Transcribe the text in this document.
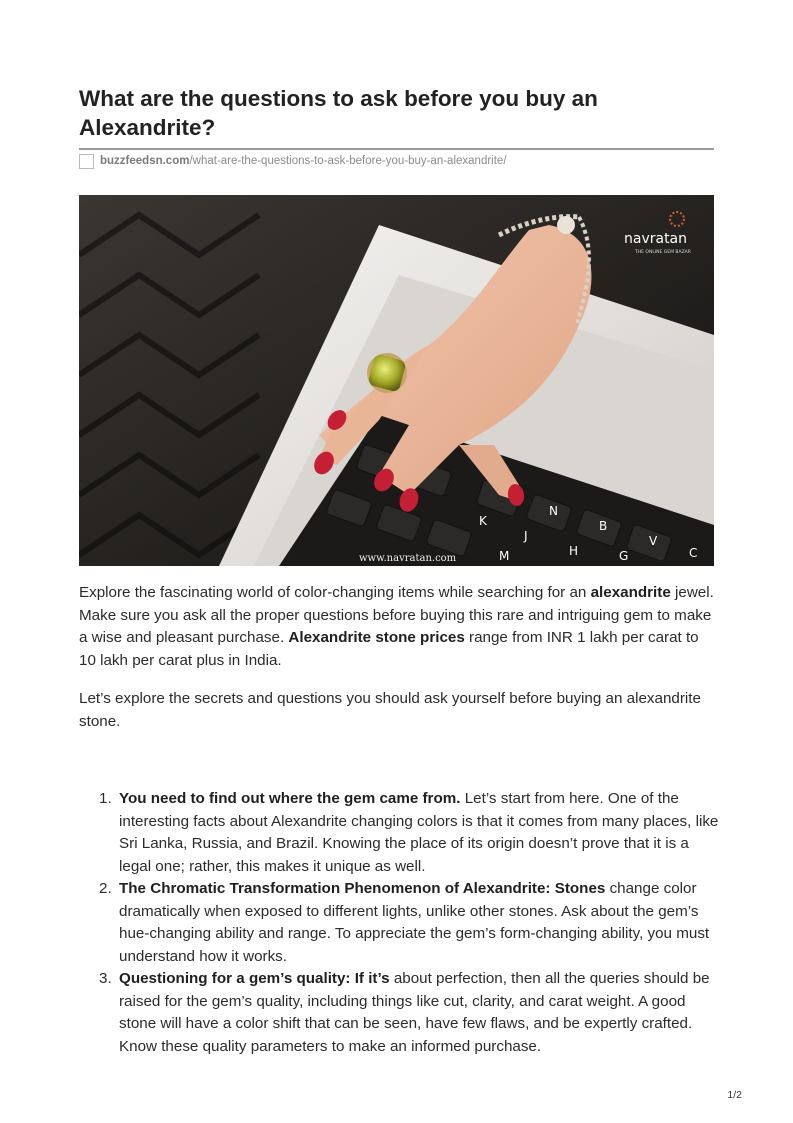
What are the questions to ask before you buy an Alexandrite?
buzzfeedsn.com /what-are-the-questions-to-ask-before-you-buy-an-alexandrite/
N
B
V
C
M
J
K
H	G
navratan
THE ONLINE GEM BAZAR
www.navratan.com

Explore the fascinating world of color-changing items while searching for an alexandrite jewel. Make sure you ask all the proper questions before buying this rare and intriguing gem to make a wise and pleasant purchase. Alexandrite stone prices range from INR 1 lakh per carat to 10 lakh per carat plus in India.

Let’s explore the secrets and questions you should ask yourself before buying an alexandrite stone.

1. You need to find out where the gem came from. Let’s start from here. One of the interesting facts about Alexandrite changing colors is that it comes from many places, like Sri Lanka, Russia, and Brazil. Knowing the place of its origin doesn’t prove that it is a legal one; rather, this makes it unique as well.
2. The Chromatic Transformation Phenomenon of Alexandrite: Stones change color dramatically when exposed to different lights, unlike other stones. Ask about the gem’s hue-changing ability and range. To appreciate the gem’s form-changing ability, you must understand how it works.
3. Questioning for a gem’s quality: If it’s about perfection, then all the queries should be raised for the gem’s quality, including things like cut, clarity, and carat weight. A good stone will have a color shift that can be seen, have few flaws, and be expertly crafted. Know these quality parameters to make an informed purchase.
1/2
